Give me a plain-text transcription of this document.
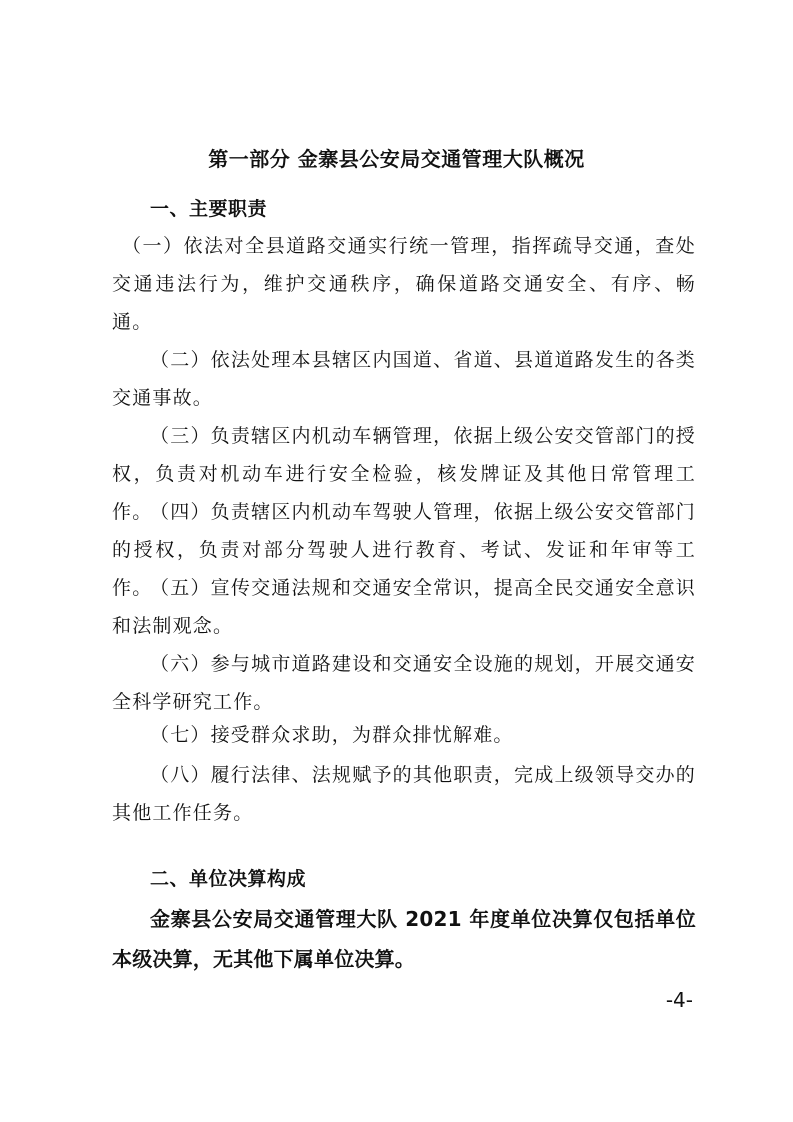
第一部分 金寨县公安局交通管理大队概况
一、主要职责

（一）依法对全县道路交通实行统一管理，指挥疏导交通，查处交通违法行为，维护交通秩序，确保道路交通安全、有序、畅通。

（二）依法处理本县辖区内国道、省道、县道道路发生的各类交通事故。

（三）负责辖区内机动车辆管理，依据上级公安交管部门的授权，负责对机动车进行安全检验，核发牌证及其他日常管理工作。

（四）负责辖区内机动车驾驶人管理，依据上级公安交管部门的授权，负责对部分驾驶人进行教育、考试、发证和年审等工作。

（五）宣传交通法规和交通安全常识，提高全民交通安全意识和法制观念。

（六）参与城市道路建设和交通安全设施的规划，开展交通安全科学研究工作。

（七）接受群众求助，为群众排忧解难。

（八）履行法律、法规赋予的其他职责，完成上级领导交办的其他工作任务。

二、单位决算构成

金寨县公安局交通管理大队 2021 年度单位决算仅包括单位本级决算，无其他下属单位决算。

-4-
